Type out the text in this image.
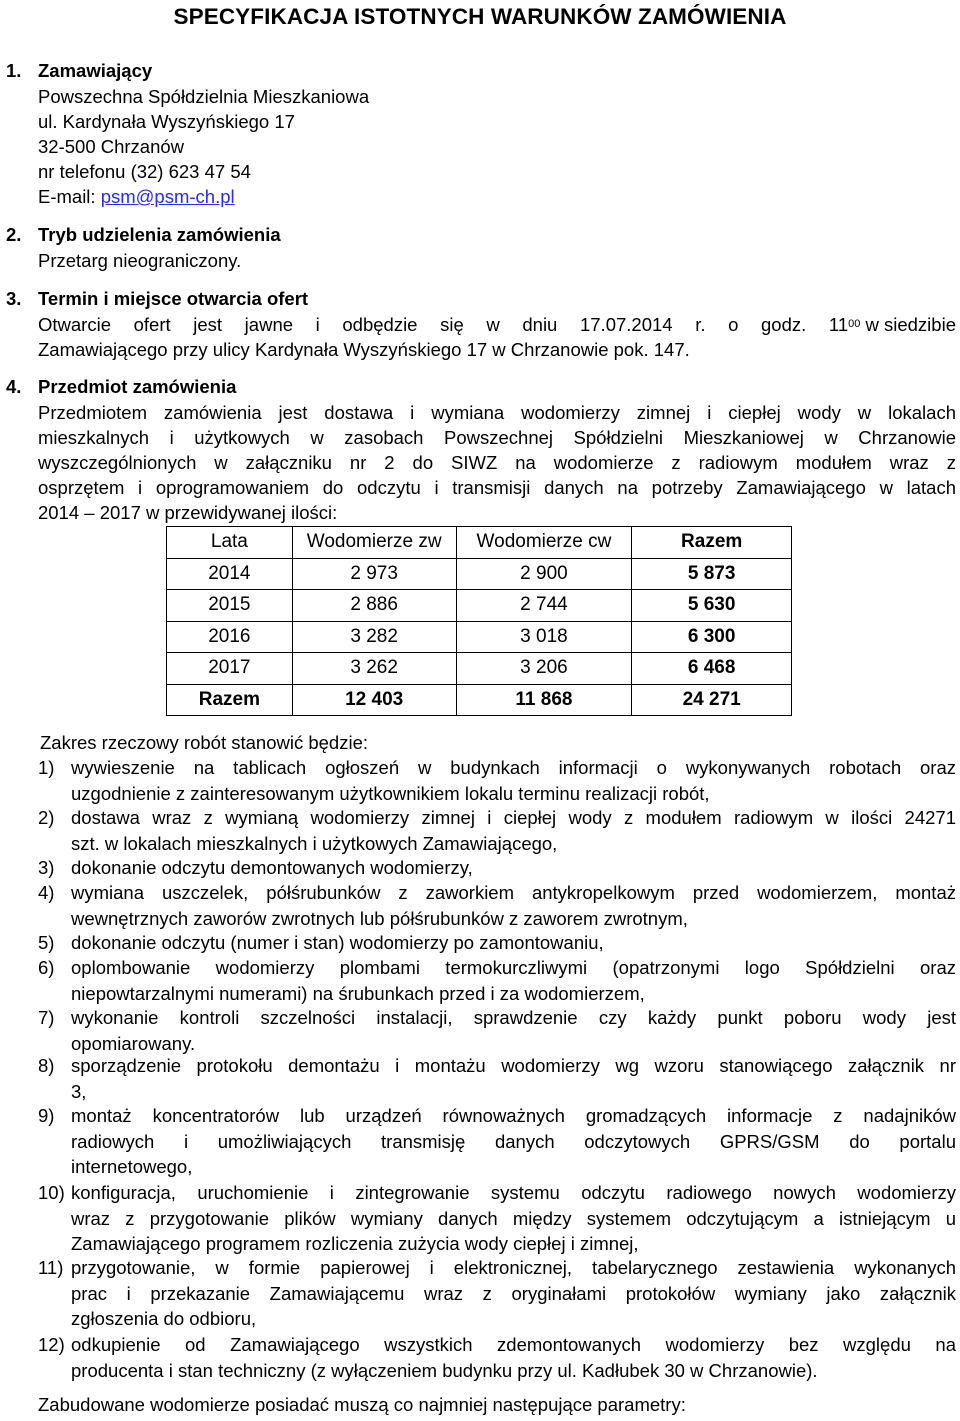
SPECYFIKACJA ISTOTNYCH WARUNKÓW ZAMÓWIENIA
1. Zamawiający
Powszechna Spółdzielnia Mieszkaniowa
ul. Kardynała Wyszyńskiego 17
32-500 Chrzanów
nr telefonu (32) 623 47 54
E-mail: psm@psm-ch.pl
2. Tryb udzielenia zamówienia
Przetarg nieograniczony.
3. Termin i miejsce otwarcia ofert
Otwarcie ofert jest jawne i odbędzie się w dniu 17.07.2014 r. o godz. $11^{00}$ w siedzibie
Zamawiającego przy ulicy Kardynała Wyszyńskiego 17 w Chrzanowie pok. 147.
4. Przedmiot zamówienia
Przedmiotem zamówienia jest dostawa i wymiana wodomierzy zimnej i ciepłej wody w lokalach
mieszkalnych i użytkowych w zasobach Powszechnej Spółdzielni Mieszkaniowej w Chrzanowie
wyszczególnionych w załączniku nr 2 do SIWZ na wodomierze z radiowym modułem wraz z
osprzętem i oprogramowaniem do odczytu i transmisji danych na potrzeby Zamawiającego w latach
2014 – 2017 w przewidywanej ilości:
Lata	Wodomierze zw	Wodomierze cw	Razem
2014	2 973	2 900	5 873
2015	2 886	2 744	5 630
2016	3 282	3 018	6 300
2017	3 262	3 206	6 468
Razem	12 403	11 868	24 271
Zakres rzeczowy robót stanowić będzie:
1) wywieszenie na tablicach ogłoszeń w budynkach informacji o wykonywanych robotach oraz
uzgodnienie z zainteresowanym użytkownikiem lokalu terminu realizacji robót,
2) dostawa wraz z wymianą wodomierzy zimnej i ciepłej wody z modułem radiowym w ilości 24271
szt. w lokalach mieszkalnych i użytkowych Zamawiającego,
3) dokonanie odczytu demontowanych wodomierzy,
4) wymiana uszczelek, półśrubunków z zaworkiem antykropelkowym przed wodomierzem, montaż
wewnętrznych zaworów zwrotnych lub półśrubunków z zaworem zwrotnym,
5) dokonanie odczytu (numer i stan) wodomierzy po zamontowaniu,
6) oplombowanie wodomierzy plombami termokurczliwymi (opatrzonymi logo Spółdzielni oraz
niepowtarzalnymi numerami) na śrubunkach przed i za wodomierzem,
7) wykonanie kontroli szczelności instalacji, sprawdzenie czy każdy punkt poboru wody jest
opomiarowany.
8) sporządzenie protokołu demontażu i montażu wodomierzy wg wzoru stanowiącego załącznik nr
3,
9) montaż koncentratorów lub urządzeń równoważnych gromadzących informacje z nadajników
radiowych i umożliwiających transmisję danych odczytowych GPRS/GSM do portalu
internetowego,
10) konfiguracja, uruchomienie i zintegrowanie systemu odczytu radiowego nowych wodomierzy
wraz z przygotowanie plików wymiany danych między systemem odczytującym a istniejącym u
Zamawiającego programem rozliczenia zużycia wody ciepłej i zimnej,
11) przygotowanie, w formie papierowej i elektronicznej, tabelarycznego zestawienia wykonanych
prac i przekazanie Zamawiającemu wraz z oryginałami protokołów wymiany jako załącznik
zgłoszenia do odbioru,
12) odkupienie od Zamawiającego wszystkich zdemontowanych wodomierzy bez względu na
producenta i stan techniczny (z wyłączeniem budynku przy ul. Kadłubek 30 w Chrzanowie).
Zabudowane wodomierze posiadać muszą co najmniej następujące parametry:
